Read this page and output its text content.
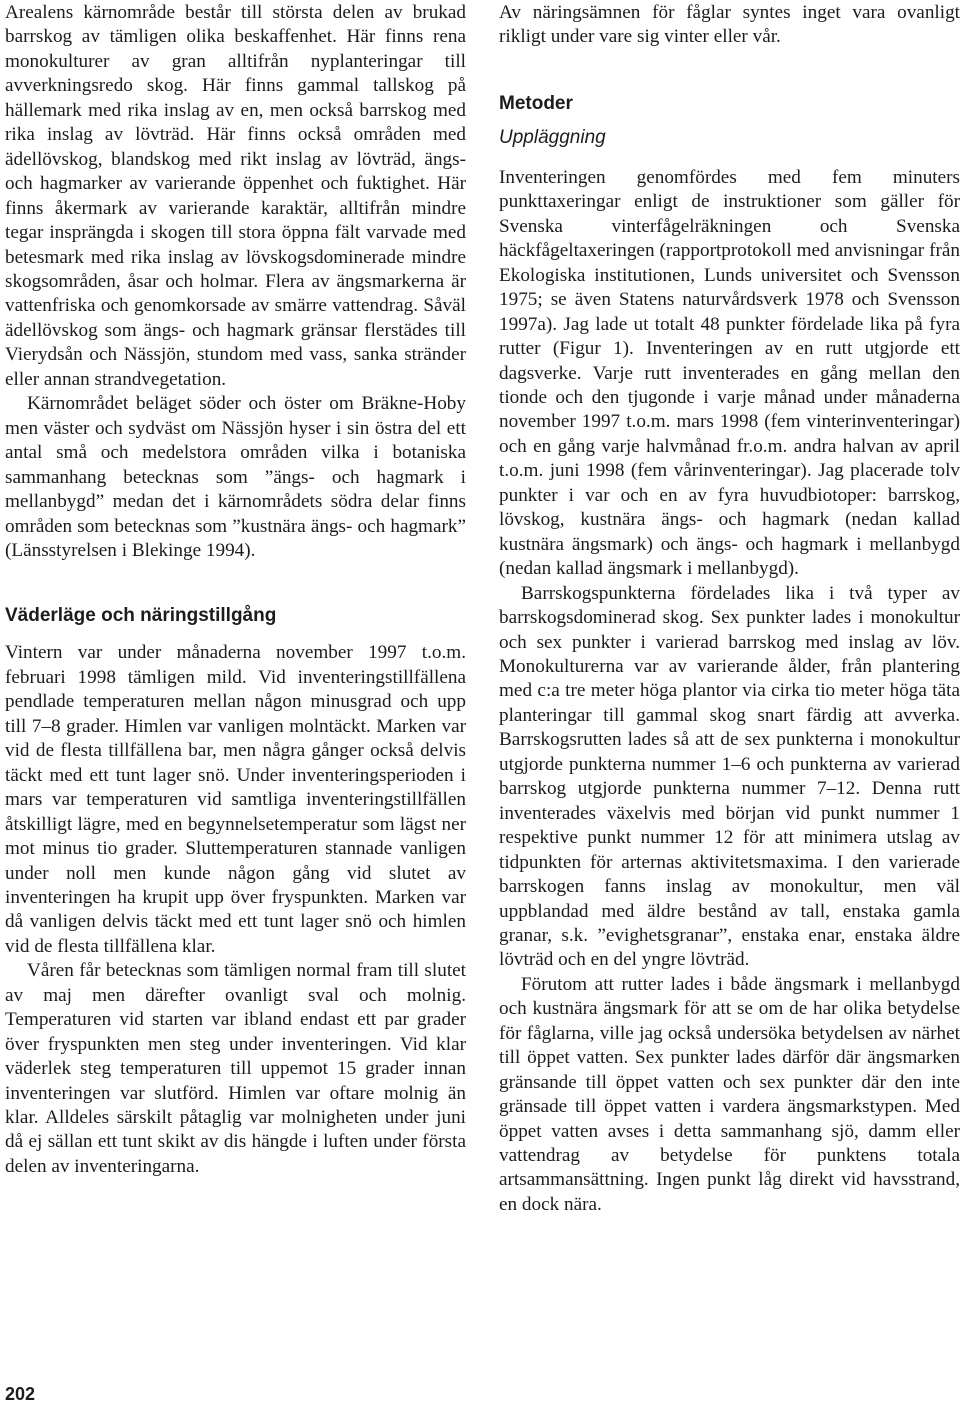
Arealens kärnområde består till största delen av brukad barrskog av tämligen olika beskaffenhet. Här finns rena monokulturer av gran alltifrån nyplanteringar till avverkningsredo skog. Här finns gammal tallskog på hällemark med rika inslag av en, men också barrskog med rika inslag av lövträd. Här finns också områden med ädellövskog, blandskog med rikt inslag av lövträd, ängs- och hagmarker av varierande öppenhet och fuktighet. Här finns åkermark av varierande karaktär, alltifrån mindre tegar insprängda i skogen till stora öppna fält varvade med betesmark med rika inslag av lövskogsdominerade mindre skogsområden, åsar och holmar. Flera av ängsmarkerna är vattenfriska och genomkorsade av smärre vattendrag. Såväl ädellövskog som ängs- och hagmark gränsar flerstädes till Vierydsån och Nässjön, stundom med vass, sanka stränder eller annan strandvegetation.

Kärnområdet beläget söder och öster om Bräkne-Hoby men väster och sydväst om Nässjön hyser i sin östra del ett antal små och medelstora områden vilka i botaniska sammanhang betecknas som ”ängs- och hagmark i mellanbygd” medan det i kärnområdets södra delar finns områden som betecknas som ”kustnära ängs- och hagmark” (Länsstyrelsen i Blekinge 1994).

Väderläge och näringstillgång

Vintern var under månaderna november 1997 t.o.m. februari 1998 tämligen mild. Vid inventeringstillfällena pendlade temperaturen mellan någon minusgrad och upp till 7–8 grader. Himlen var vanligen molntäckt. Marken var vid de flesta tillfällena bar, men några gånger också delvis täckt med ett tunt lager snö. Under inventeringsperioden i mars var temperaturen vid samtliga inventeringstillfällen åtskilligt lägre, med en begynnelsetemperatur som lägst ner mot minus tio grader. Sluttemperaturen stannade vanligen under noll men kunde någon gång vid slutet av inventeringen ha krupit upp över fryspunkten. Marken var då vanligen delvis täckt med ett tunt lager snö och himlen vid de flesta tillfällena klar.

Våren får betecknas som tämligen normal fram till slutet av maj men därefter ovanligt sval och molnig. Temperaturen vid starten var ibland endast ett par grader över fryspunkten men steg under inventeringen. Vid klar väderlek steg temperaturen till uppemot 15 grader innan inventeringen var slutförd. Himlen var oftare molnig än klar. Alldeles särskilt påtaglig var molnigheten under juni då ej sällan ett tunt skikt av dis hängde i luften under första delen av inventeringarna.

Av näringsämnen för fåglar syntes inget vara ovanligt rikligt under vare sig vinter eller vår.

Metoder
Uppläggning

Inventeringen genomfördes med fem minuters punkttaxeringar enligt de instruktioner som gäller för Svenska vinterfågelräkningen och Svenska häckfågeltaxeringen (rapportprotokoll med anvisningar från Ekologiska institutionen, Lunds universitet och Svensson 1975; se även Statens naturvårdsverk 1978 och Svensson 1997a). Jag lade ut totalt 48 punkter fördelade lika på fyra rutter (Figur 1). Inventeringen av en rutt utgjorde ett dagsverke. Varje rutt inventerades en gång mellan den tionde och den tjugonde i varje månad under månaderna november 1997 t.o.m. mars 1998 (fem vinterinventeringar) och en gång varje halvmånad fr.o.m. andra halvan av april t.o.m. juni 1998 (fem vårinventeringar). Jag placerade tolv punkter i var och en av fyra huvudbiotoper: barrskog, lövskog, kustnära ängs- och hagmark (nedan kallad kustnära ängsmark) och ängs- och hagmark i mellanbygd (nedan kallad ängsmark i mellanbygd).

Barrskogspunkterna fördelades lika i två typer av barrskogsdominerad skog. Sex punkter lades i monokultur och sex punkter i varierad barrskog med inslag av löv. Monokulturerna var av varierande ålder, från plantering med c:a tre meter höga plantor via cirka tio meter höga täta planteringar till gammal skog snart färdig att avverka. Barrskogsrutten lades så att de sex punkterna i monokultur utgjorde punkterna nummer 1–6 och punkterna av varierad barrskog utgjorde punkterna nummer 7–12. Denna rutt inventerades växelvis med början vid punkt nummer 1 respektive punkt nummer 12 för att minimera utslag av tidpunkten för arternas aktivitetsmaxima. I den varierade barrskogen fanns inslag av monokultur, men väl uppblandad med äldre bestånd av tall, enstaka gamla granar, s.k. ”evighetsgranar”, enstaka enar, enstaka äldre lövträd och en del yngre lövträd.

Förutom att rutter lades i både ängsmark i mellanbygd och kustnära ängsmark för att se om de har olika betydelse för fåglarna, ville jag också undersöka betydelsen av närhet till öppet vatten. Sex punkter lades därför där ängsmarken gränsande till öppet vatten och sex punkter där den inte gränsade till öppet vatten i vardera ängsmarkstypen. Med öppet vatten avses i detta sammanhang sjö, damm eller vattendrag av betydelse för punktens totala artsammansättning. Ingen punkt låg direkt vid havsstrand, en dock nära.

202
